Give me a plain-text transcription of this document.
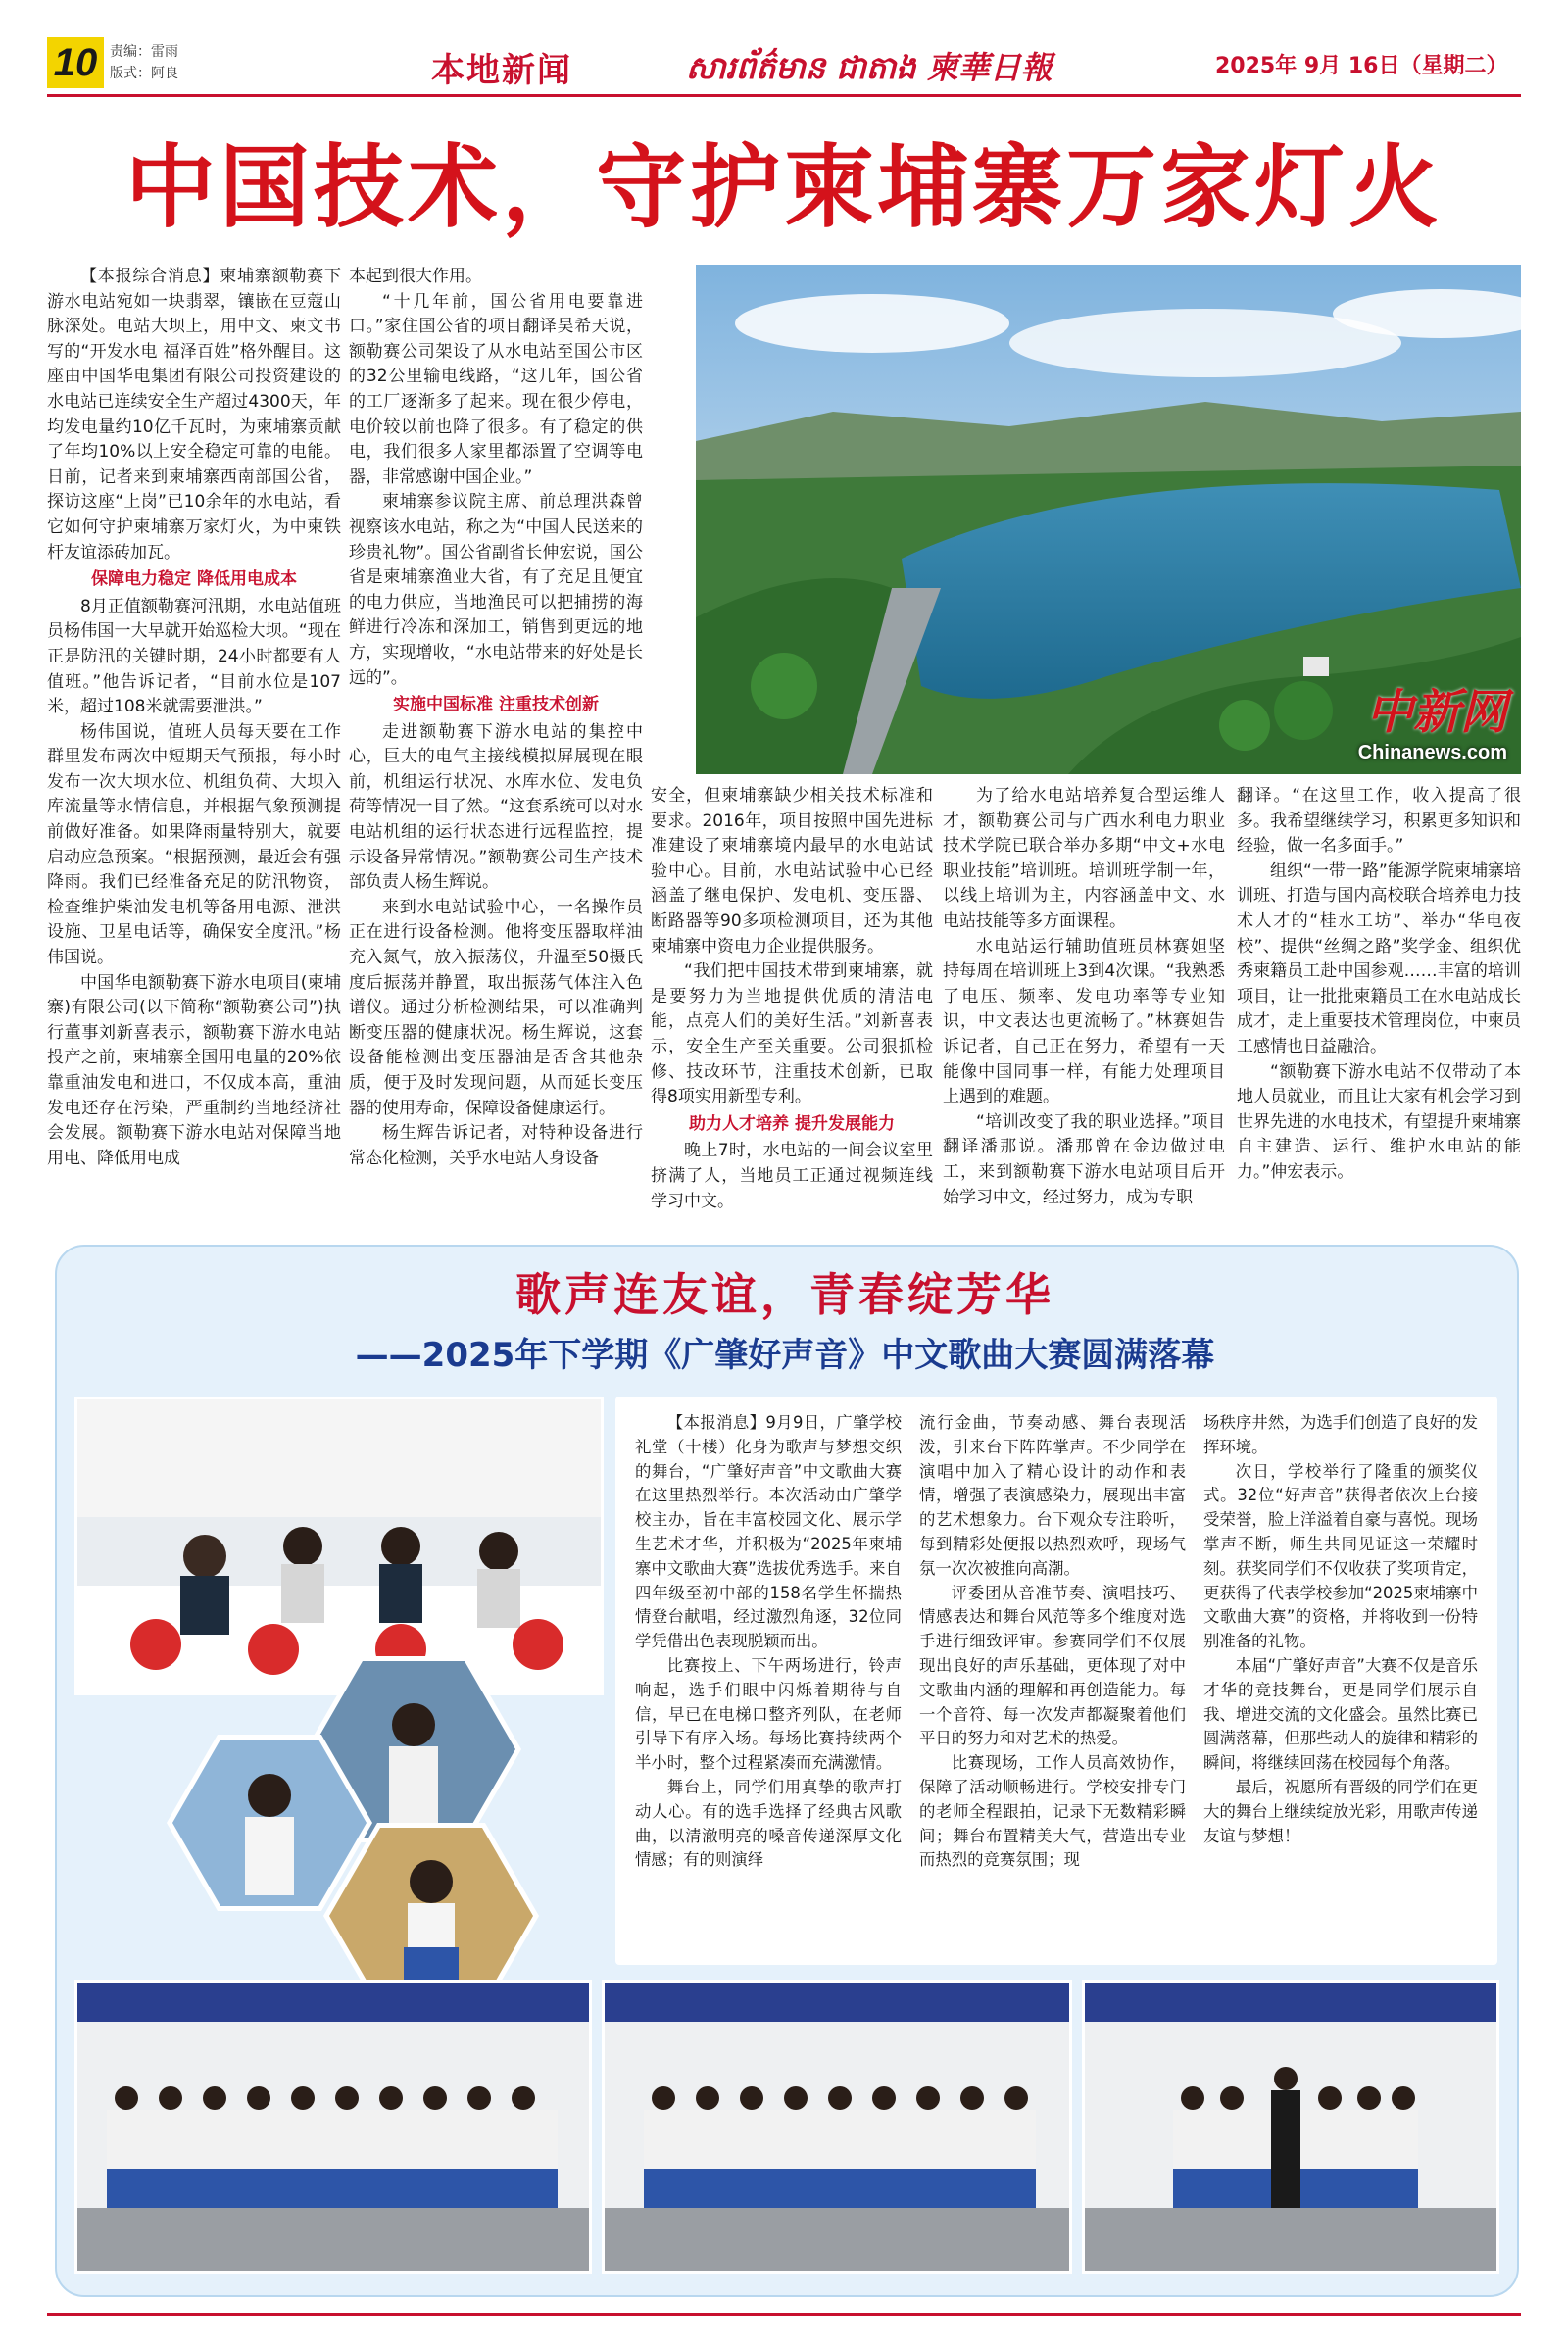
10 责编：雷雨
版式：阿良	本地新闻	សារព័ត៌មាន ជាតាង 柬華日報	2025年 9月 16日（星期二）
中国技术，守护柬埔寨万家灯火

【本报综合消息】柬埔寨额勒赛下游水电站宛如一块翡翠，镶嵌在豆蔻山脉深处。电站大坝上，用中文、柬文书写的“开发水电 福泽百姓”格外醒目。这座由中国华电集团有限公司投资建设的水电站已连续安全生产超过4300天，年均发电量约10亿千瓦时，为柬埔寨贡献了年均10%以上安全稳定可靠的电能。日前，记者来到柬埔寨西南部国公省，探访这座“上岗”已10余年的水电站，看它如何守护柬埔寨万家灯火，为中柬铁杆友谊添砖加瓦。

保障电力稳定 降低用电成本

8月正值额勒赛河汛期，水电站值班员杨伟国一大早就开始巡检大坝。“现在正是防汛的关键时期，24小时都要有人值班。”他告诉记者，“目前水位是107米，超过108米就需要泄洪。”

杨伟国说，值班人员每天要在工作群里发布两次中短期天气预报，每小时发布一次大坝水位、机组负荷、大坝入库流量等水情信息，并根据气象预测提前做好准备。如果降雨量特别大，就要启动应急预案。“根据预测，最近会有强降雨。我们已经准备充足的防汛物资，检查维护柴油发电机等备用电源、泄洪设施、卫星电话等，确保安全度汛。”杨伟国说。

中国华电额勒赛下游水电项目(柬埔寨)有限公司(以下简称“额勒赛公司”)执行董事刘新喜表示，额勒赛下游水电站投产之前，柬埔寨全国用电量的20%依靠重油发电和进口，不仅成本高，重油发电还存在污染，严重制约当地经济社会发展。额勒赛下游水电站对保障当地用电、降低用电成

本起到很大作用。

“十几年前，国公省用电要靠进口。”家住国公省的项目翻译吴希天说，额勒赛公司架设了从水电站至国公市区的32公里输电线路，“这几年，国公省的工厂逐渐多了起来。现在很少停电，电价较以前也降了很多。有了稳定的供电，我们很多人家里都添置了空调等电器，非常感谢中国企业。”

柬埔寨参议院主席、前总理洪森曾视察该水电站，称之为“中国人民送来的珍贵礼物”。国公省副省长伸宏说，国公省是柬埔寨渔业大省，有了充足且便宜的电力供应，当地渔民可以把捕捞的海鲜进行冷冻和深加工，销售到更远的地方，实现增收，“水电站带来的好处是长远的”。

实施中国标准 注重技术创新

走进额勒赛下游水电站的集控中心，巨大的电气主接线模拟屏展现在眼前，机组运行状况、水库水位、发电负荷等情况一目了然。“这套系统可以对水电站机组的运行状态进行远程监控，提示设备异常情况。”额勒赛公司生产技术部负责人杨生辉说。

来到水电站试验中心，一名操作员正在进行设备检测。他将变压器取样油充入氮气，放入振荡仪，升温至50摄氏度后振荡并静置，取出振荡气体注入色谱仪。通过分析检测结果，可以准确判断变压器的健康状况。杨生辉说，这套设备能检测出变压器油是否含其他杂质，便于及时发现问题，从而延长变压器的使用寿命，保障设备健康运行。

杨生辉告诉记者，对特种设备进行常态化检测，关乎水电站人身设备

中新网
Chinanews.com

安全，但柬埔寨缺少相关技术标准和要求。2016年，项目按照中国先进标准建设了柬埔寨境内最早的水电站试验中心。目前，水电站试验中心已经涵盖了继电保护、发电机、变压器、断路器等90多项检测项目，还为其他柬埔寨中资电力企业提供服务。

“我们把中国技术带到柬埔寨，就是要努力为当地提供优质的清洁电能，点亮人们的美好生活。”刘新喜表示，安全生产至关重要。公司狠抓检修、技改环节，注重技术创新，已取得8项实用新型专利。

助力人才培养 提升发展能力

晚上7时，水电站的一间会议室里挤满了人，当地员工正通过视频连线学习中文。

为了给水电站培养复合型运维人才，额勒赛公司与广西水利电力职业技术学院已联合举办多期“中文+水电职业技能”培训班。培训班学制一年，以线上培训为主，内容涵盖中文、水电站技能等多方面课程。

水电站运行辅助值班员林赛妲坚持每周在培训班上3到4次课。“我熟悉了电压、频率、发电功率等专业知识，中文表达也更流畅了。”林赛妲告诉记者，自己正在努力，希望有一天能像中国同事一样，有能力处理项目上遇到的难题。

“培训改变了我的职业选择。”项目翻译潘那说。潘那曾在金边做过电工，来到额勒赛下游水电站项目后开始学习中文，经过努力，成为专职

翻译。“在这里工作，收入提高了很多。我希望继续学习，积累更多知识和经验，做一名多面手。”

组织“一带一路”能源学院柬埔寨培训班、打造与国内高校联合培养电力技术人才的“桂水工坊”、举办“华电夜校”、提供“丝绸之路”奖学金、组织优秀柬籍员工赴中国参观……丰富的培训项目，让一批批柬籍员工在水电站成长成才，走上重要技术管理岗位，中柬员工感情也日益融洽。

“额勒赛下游水电站不仅带动了本地人员就业，而且让大家有机会学习到世界先进的水电技术，有望提升柬埔寨自主建造、运行、维护水电站的能力。”伸宏表示。

歌声连友谊，青春绽芳华
——2025年下学期《广肇好声音》中文歌曲大赛圆满落幕

【本报消息】9月9日，广肇学校礼堂（十楼）化身为歌声与梦想交织的舞台，“广肇好声音”中文歌曲大赛在这里热烈举行。本次活动由广肇学校主办，旨在丰富校园文化、展示学生艺术才华，并积极为“2025年柬埔寨中文歌曲大赛”选拔优秀选手。来自四年级至初中部的158名学生怀揣热情登台献唱，经过激烈角逐，32位同学凭借出色表现脱颖而出。

比赛按上、下午两场进行，铃声响起，选手们眼中闪烁着期待与自信，早已在电梯口整齐列队，在老师引导下有序入场。每场比赛持续两个半小时，整个过程紧凑而充满激情。

舞台上，同学们用真挚的歌声打动人心。有的选手选择了经典古风歌曲，以清澈明亮的嗓音传递深厚文化情感；有的则演绎

流行金曲，节奏动感、舞台表现活泼，引来台下阵阵掌声。不少同学在演唱中加入了精心设计的动作和表情，增强了表演感染力，展现出丰富的艺术想象力。台下观众专注聆听，每到精彩处便报以热烈欢呼，现场气氛一次次被推向高潮。

评委团从音准节奏、演唱技巧、情感表达和舞台风范等多个维度对选手进行细致评审。参赛同学们不仅展现出良好的声乐基础，更体现了对中文歌曲内涵的理解和再创造能力。每一个音符、每一次发声都凝聚着他们平日的努力和对艺术的热爱。

比赛现场，工作人员高效协作，保障了活动顺畅进行。学校安排专门的老师全程跟拍，记录下无数精彩瞬间；舞台布置精美大气，营造出专业而热烈的竞赛氛围；现

场秩序井然，为选手们创造了良好的发挥环境。

次日，学校举行了隆重的颁奖仪式。32位“好声音”获得者依次上台接受荣誉，脸上洋溢着自豪与喜悦。现场掌声不断，师生共同见证这一荣耀时刻。获奖同学们不仅收获了奖项肯定，更获得了代表学校参加“2025柬埔寨中文歌曲大赛”的资格，并将收到一份特别准备的礼物。

本届“广肇好声音”大赛不仅是音乐才华的竞技舞台，更是同学们展示自我、增进交流的文化盛会。虽然比赛已圆满落幕，但那些动人的旋律和精彩的瞬间，将继续回荡在校园每个角落。

最后，祝愿所有晋级的同学们在更大的舞台上继续绽放光彩，用歌声传递友谊与梦想！
